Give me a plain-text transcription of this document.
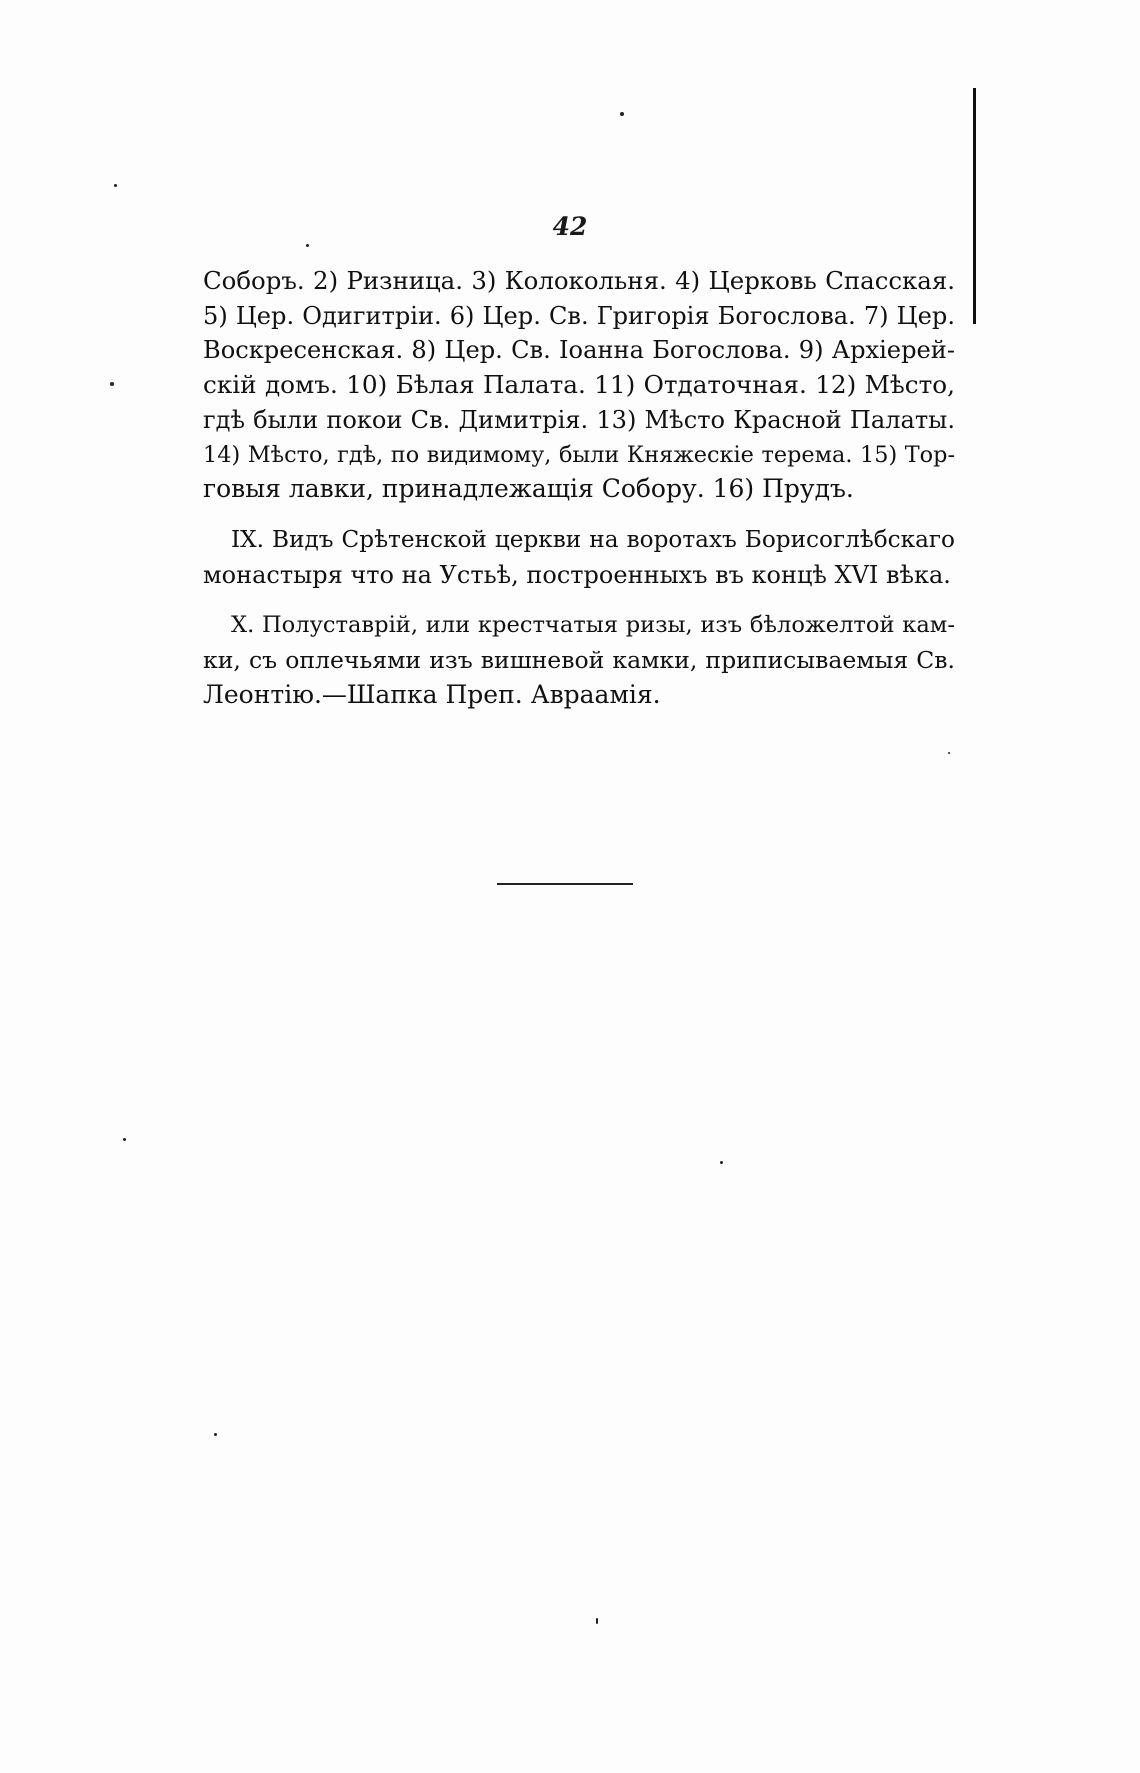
42
Соборъ. 2) Ризница. 3) Колокольня. 4) Церковь Спасская.
5) Цер. Одигитріи. 6) Цер. Св. Григорія Богослова. 7) Цер.
Воскресенская. 8) Цер. Св. Іоанна Богослова. 9) Архіерей-
скій домъ. 10) Бѣлая Палата. 11) Отдаточная. 12) Мѣсто,
гдѣ были покои Св. Димитрія. 13) Мѣсто Красной Палаты.
14) Мѣсто, гдѣ, по видимому, были Княжескіе терема. 15) Тор-
говыя лавки, принадлежащія Собору. 16) Прудъ.
IX. Видъ Срѣтенской церкви на воротахъ Борисоглѣбскаго
монастыря что на Устьѣ, построенныхъ въ концѣ XVI вѣка.
X. Полуставрій, или крестчатыя ризы, изъ бѣложелтой кам-
ки, съ оплечьями изъ вишневой камки, приписываемыя Св.
Леонтію.—Шапка Преп. Авраамія.
